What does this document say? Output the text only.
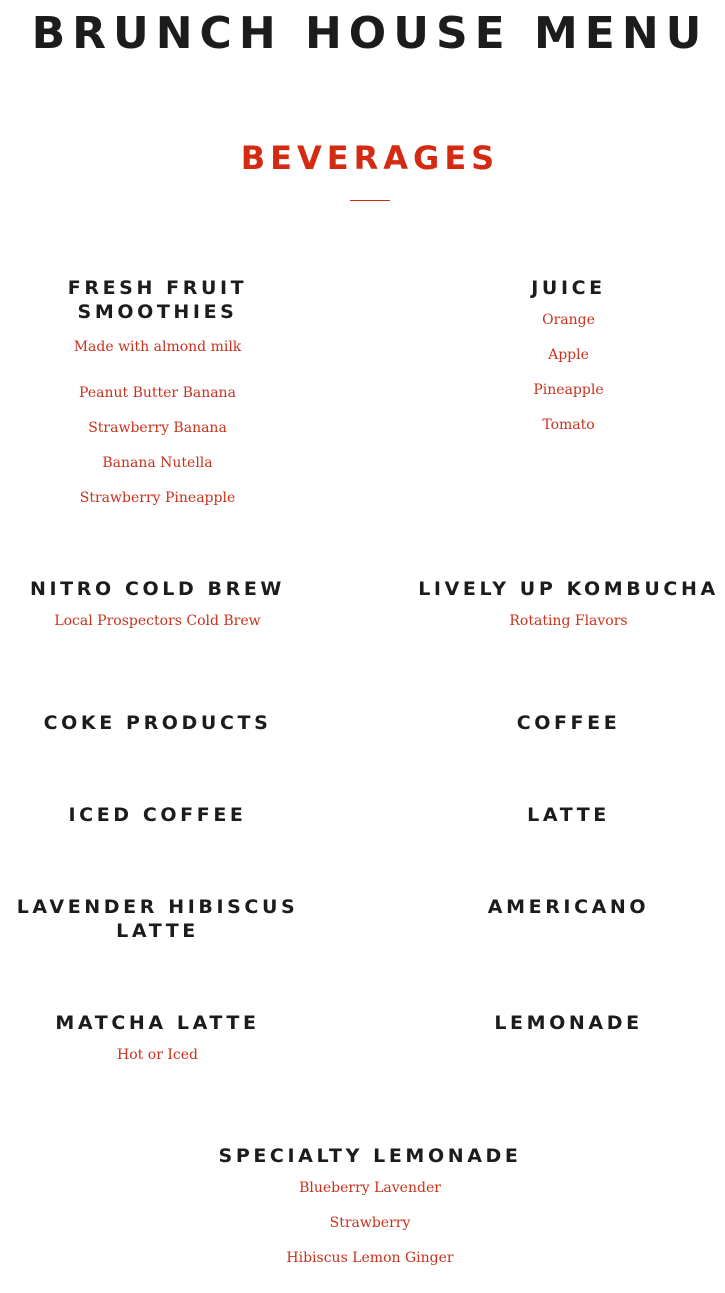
BRUNCH HOUSE MENU
BEVERAGES
FRESH FRUIT
SMOOTHIES
Made with almond milk
Peanut Butter Banana
Strawberry Banana
Banana Nutella
Strawberry Pineapple
JUICE
Orange
Apple
Pineapple
Tomato
NITRO COLD BREW
Local Prospectors Cold Brew
LIVELY UP KOMBUCHA
Rotating Flavors
COKE PRODUCTS	COFFEE
ICED COFFEE	LATTE
LAVENDER HIBISCUS
LATTE
AMERICANO
MATCHA LATTE
Hot or Iced
LEMONADE
SPECIALTY LEMONADE
Blueberry Lavender
Strawberry
Hibiscus Lemon Ginger
